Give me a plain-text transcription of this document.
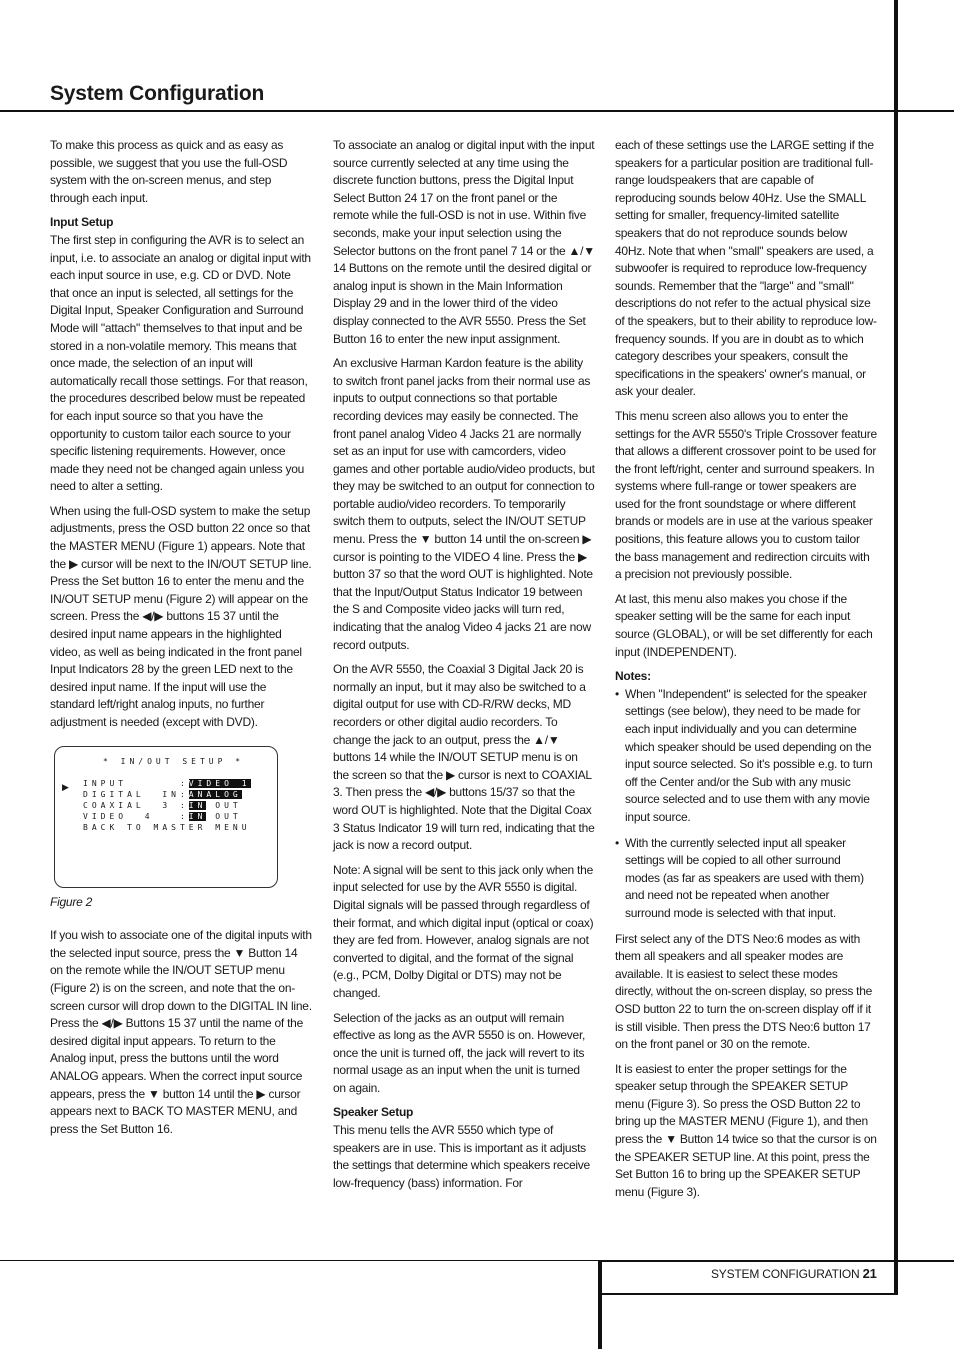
System Configuration

To make this process as quick and as easy as possible, we suggest that you use the full-OSD system with the on-screen menus, and step through each input.

Input Setup
The first step in configuring the AVR is to select an input, i.e. to associate an analog or digital input with each input source in use, e.g. CD or DVD. Note that once an input is selected, all settings for the Digital Input, Speaker Configuration and Surround Mode will "attach" themselves to that input and be stored in a non-volatile memory. This means that once made, the selection of an input will automatically recall those settings. For that reason, the procedures described below must be repeated for each input source so that you have the opportunity to custom tailor each source to your specific listening requirements. However, once made they need not be changed again unless you need to alter a setting.

When using the full-OSD system to make the setup adjustments, press the OSD button 22 once so that the MASTER MENU (Figure 1) appears. Note that the ▶ cursor will be next to the IN/OUT SETUP line. Press the Set button 16 to enter the menu and the IN/OUT SETUP menu (Figure 2) will appear on the screen. Press the ◀/▶ buttons 15 37 until the desired input name appears in the highlighted video, as well as being indicated in the front panel Input Indicators 28 by the green LED next to the desired input name. If the input will use the standard left/right analog inputs, no further adjustment is needed (except with DVD).

* IN/OUT SETUP *
▶ INPUT      :VIDEO 1
DIGITAL  IN:ANALOG
COAXIAL  3 :IN OUT
VIDEO  4   :IN OUT
BACK TO MASTER MENU

Figure 2

If you wish to associate one of the digital inputs with the selected input source, press the ▼ Button 14 on the remote while the IN/OUT SETUP menu (Figure 2) is on the screen, and note that the on-screen cursor will drop down to the DIGITAL IN line. Press the ◀/▶ Buttons 15 37 until the name of the desired digital input appears. To return to the Analog input, press the buttons until the word ANALOG appears. When the correct input source appears, press the ▼ button 14 until the ▶ cursor appears next to BACK TO MASTER MENU, and press the Set Button 16.

To associate an analog or digital input with the input source currently selected at any time using the discrete function buttons, press the Digital Input Select Button 24 17 on the front panel or the remote while the full-OSD is not in use. Within five seconds, make your input selection using the Selector buttons on the front panel 7 14 or the ▲/▼ 14 Buttons on the remote until the desired digital or analog input is shown in the Main Information Display 29 and in the lower third of the video display connected to the AVR 5550. Press the Set Button 16 to enter the new input assignment.

An exclusive Harman Kardon feature is the ability to switch front panel jacks from their normal use as inputs to output connections so that portable recording devices may easily be connected. The front panel analog Video 4 Jacks 21 are normally set as an input for use with camcorders, video games and other portable audio/video products, but they may be switched to an output for connection to portable audio/video recorders. To temporarily switch them to outputs, select the IN/OUT SETUP menu. Press the ▼ button 14 until the on-screen ▶ cursor is pointing to the VIDEO 4 line. Press the ▶ button 37 so that the word OUT is highlighted. Note that the Input/Output Status Indicator 19 between the S and Composite video jacks will turn red, indicating that the analog Video 4 jacks 21 are now record outputs.

On the AVR 5550, the Coaxial 3 Digital Jack 20 is normally an input, but it may also be switched to a digital output for use with CD-R/RW decks, MD recorders or other digital audio recorders. To change the jack to an output, press the ▲/▼ buttons 14 while the IN/OUT SETUP menu is on the screen so that the ▶ cursor is next to COAXIAL 3. Then press the ◀/▶ buttons 15/37 so that the word OUT is highlighted. Note that the Digital Coax 3 Status Indicator 19 will turn red, indicating that the jack is now a record output.

Note: A signal will be sent to this jack only when the input selected for use by the AVR 5550 is digital. Digital signals will be passed through regardless of their format, and which digital input (optical or coax) they are fed from. However, analog signals are not converted to digital, and the format of the signal (e.g., PCM, Dolby Digital or DTS) may not be changed.

Selection of the jacks as an output will remain effective as long as the AVR 5550 is on. However, once the unit is turned off, the jack will revert to its normal usage as an input when the unit is turned on again.

Speaker Setup
This menu tells the AVR 5550 which type of speakers are in use. This is important as it adjusts the settings that determine which speakers receive low-frequency (bass) information. For

each of these settings use the LARGE setting if the speakers for a particular position are traditional full-range loudspeakers that are capable of reproducing sounds below 40Hz. Use the SMALL setting for smaller, frequency-limited satellite speakers that do not reproduce sounds below 40Hz. Note that when "small" speakers are used, a subwoofer is required to reproduce low-frequency sounds. Remember that the "large" and "small" descriptions do not refer to the actual physical size of the speakers, but to their ability to reproduce low-frequency sounds. If you are in doubt as to which category describes your speakers, consult the specifications in the speakers' owner's manual, or ask your dealer.

This menu screen also allows you to enter the settings for the AVR 5550's Triple Crossover feature that allows a different crossover point to be used for the front left/right, center and surround speakers. In systems where full-range or tower speakers are used for the front soundstage or where different brands or models are in use at the various speaker positions, this feature allows you to custom tailor the bass management and redirection circuits with a precision not previously possible.

At last, this menu also makes you chose if the speaker setting will be the same for each input source (GLOBAL), or will be set differently for each input (INDEPENDENT).

Notes:

• When "Independent" is selected for the speaker settings (see below), they need to be made for each input individually and you can determine which speaker should be used depending on the input source selected. So it's possible e.g. to turn off the Center and/or the Sub with any music source selected and to use them with any movie input source.
• With the currently selected input all speaker settings will be copied to all other surround modes (as far as speakers are used with them) and need not be repeated when another surround mode is selected with that input.

First select any of the DTS Neo:6 modes as with them all speakers and all speaker modes are available. It is easiest to select these modes directly, without the on-screen display, so press the OSD button 22 to turn the on-screen display off if it is still visible. Then press the DTS Neo:6 button 17 on the front panel or 30 on the remote.

It is easiest to enter the proper settings for the speaker setup through the SPEAKER SETUP menu (Figure 3). So press the OSD Button 22 to bring up the MASTER MENU (Figure 1), and then press the ▼ Button 14 twice so that the cursor is on the SPEAKER SETUP line. At this point, press the Set Button 16 to bring up the SPEAKER SETUP menu (Figure 3).

SYSTEM CONFIGURATION 21
